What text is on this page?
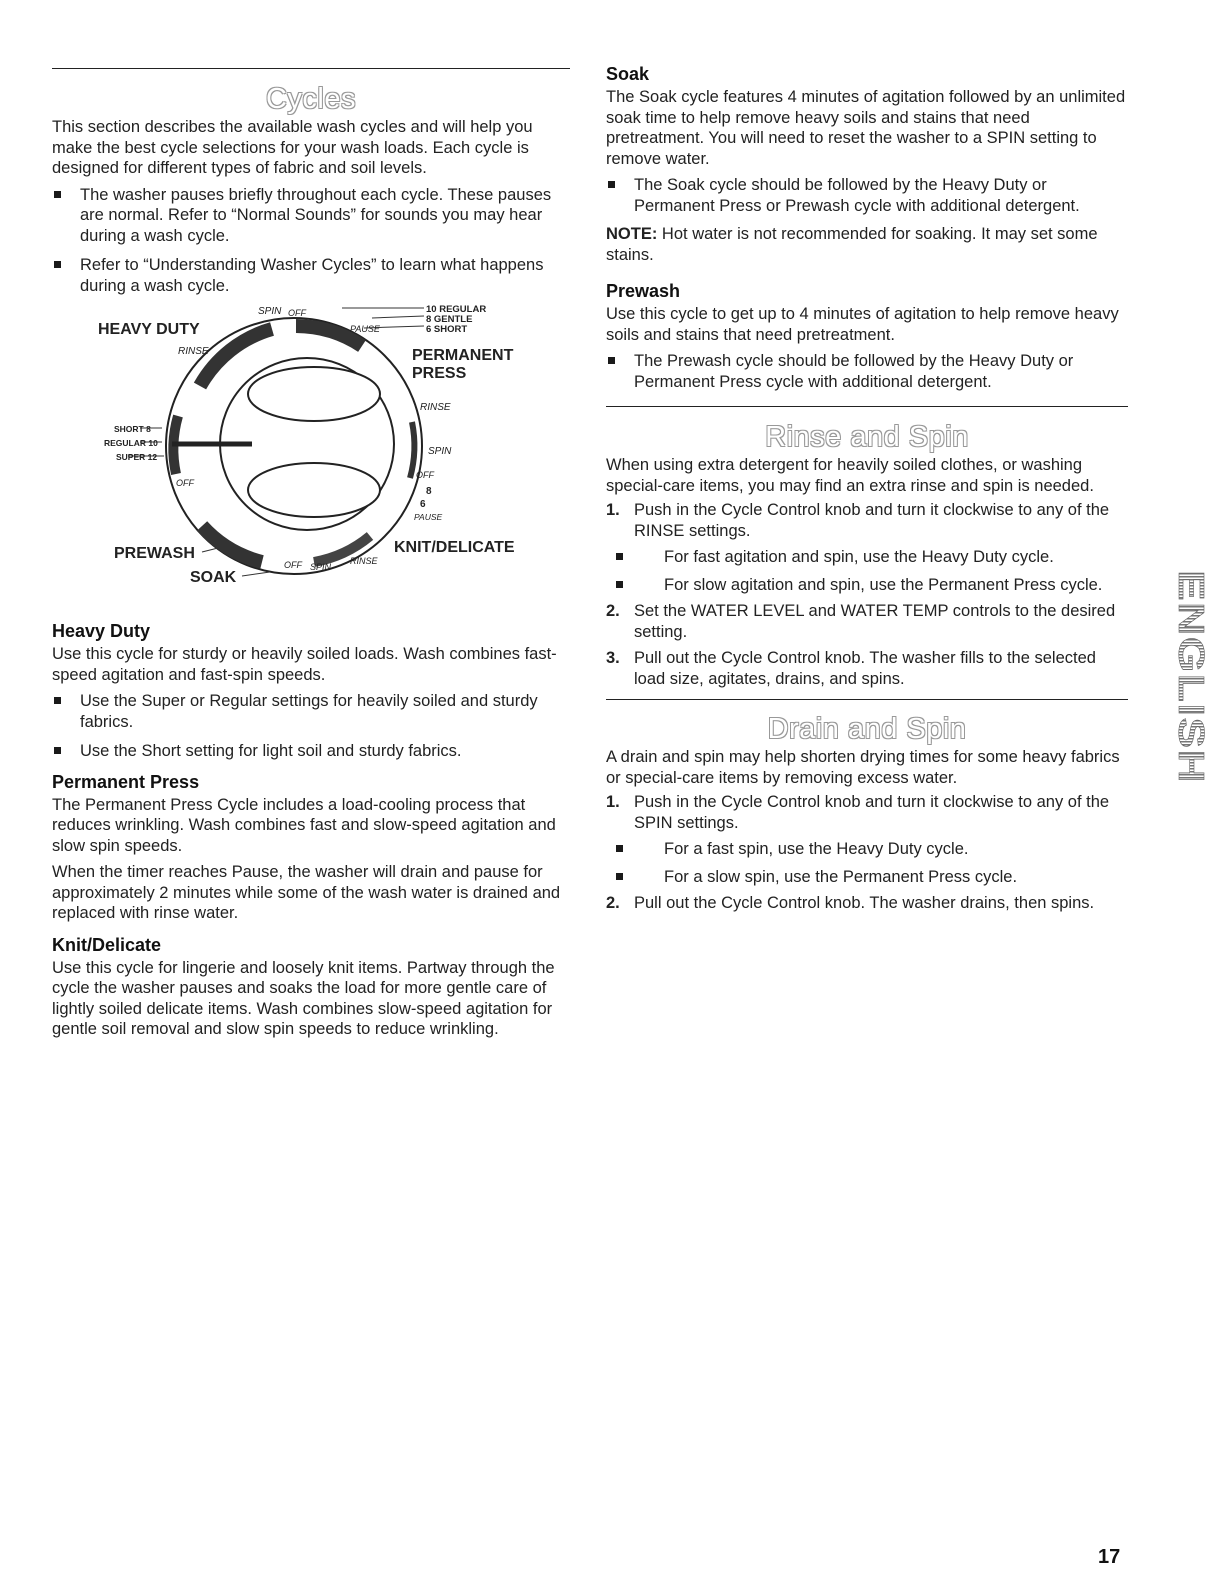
Cycles

This section describes the available wash cycles and will help you make the best cycle selections for your wash loads. Each cycle is designed for different types of fabric and soil levels.

The washer pauses briefly throughout each cycle. These pauses are normal. Refer to “Normal Sounds” for sounds you may hear during a wash cycle.
Refer to “Understanding Washer Cycles” to learn what happens during a wash cycle.
HEAVY DUTY
SPIN OFF
PAUSE
10 REGULAR
8 GENTLE
6 SHORT
RINSE	PERMANENT
PRESS
RINSE
SHORT 8
REGULAR 10
SUPER 12	SPIN
OFF
OFF
8
6
PAUSE
PREWASH	KNIT/DELICATE
OFF SPIN
RINSE
SOAK
Heavy Duty

Use this cycle for sturdy or heavily soiled loads. Wash combines fast-speed agitation and fast-spin speeds.

Use the Super or Regular settings for heavily soiled and sturdy fabrics.
Use the Short setting for light soil and sturdy fabrics.
Permanent Press

The Permanent Press Cycle includes a load-cooling process that reduces wrinkling. Wash combines fast and slow-speed agitation and slow spin speeds.

When the timer reaches Pause, the washer will drain and pause for approximately 2 minutes while some of the wash water is drained and replaced with rinse water.

Knit/Delicate

Use this cycle for lingerie and loosely knit items. Partway through the cycle the washer pauses and soaks the load for more gentle care of lightly soiled delicate items. Wash combines slow-speed agitation for gentle soil removal and slow spin speeds to reduce wrinkling.

Soak

The Soak cycle features 4 minutes of agitation followed by an unlimited soak time to help remove heavy soils and stains that need pretreatment. You will need to reset the washer to a SPIN setting to remove water.

The Soak cycle should be followed by the Heavy Duty or Permanent Press or Prewash cycle with additional detergent.

NOTE: Hot water is not recommended for soaking. It may set some stains.

Prewash

Use this cycle to get up to 4 minutes of agitation to help remove heavy soils and stains that need pretreatment.

The Prewash cycle should be followed by the Heavy Duty or Permanent Press cycle with additional detergent.
Rinse and Spin

When using extra detergent for heavily soiled clothes, or washing special-care items, you may find an extra rinse and spin is needed.

1. Push in the Cycle Control knob and turn it clockwise to any of the RINSE settings.
For fast agitation and spin, use the Heavy Duty cycle.
For slow agitation and spin, use the Permanent Press cycle.
2. Set the WATER LEVEL and WATER TEMP controls to the desired setting.
3. Pull out the Cycle Control knob. The washer fills to the selected load size, agitates, drains, and spins.
Drain and Spin

A drain and spin may help shorten drying times for some heavy fabrics or special-care items by removing excess water.

1. Push in the Cycle Control knob and turn it clockwise to any of the SPIN settings.
For a fast spin, use the Heavy Duty cycle.
For a slow spin, use the Permanent Press cycle.
2. Pull out the Cycle Control knob. The washer drains, then spins.
ENGLISH
17
